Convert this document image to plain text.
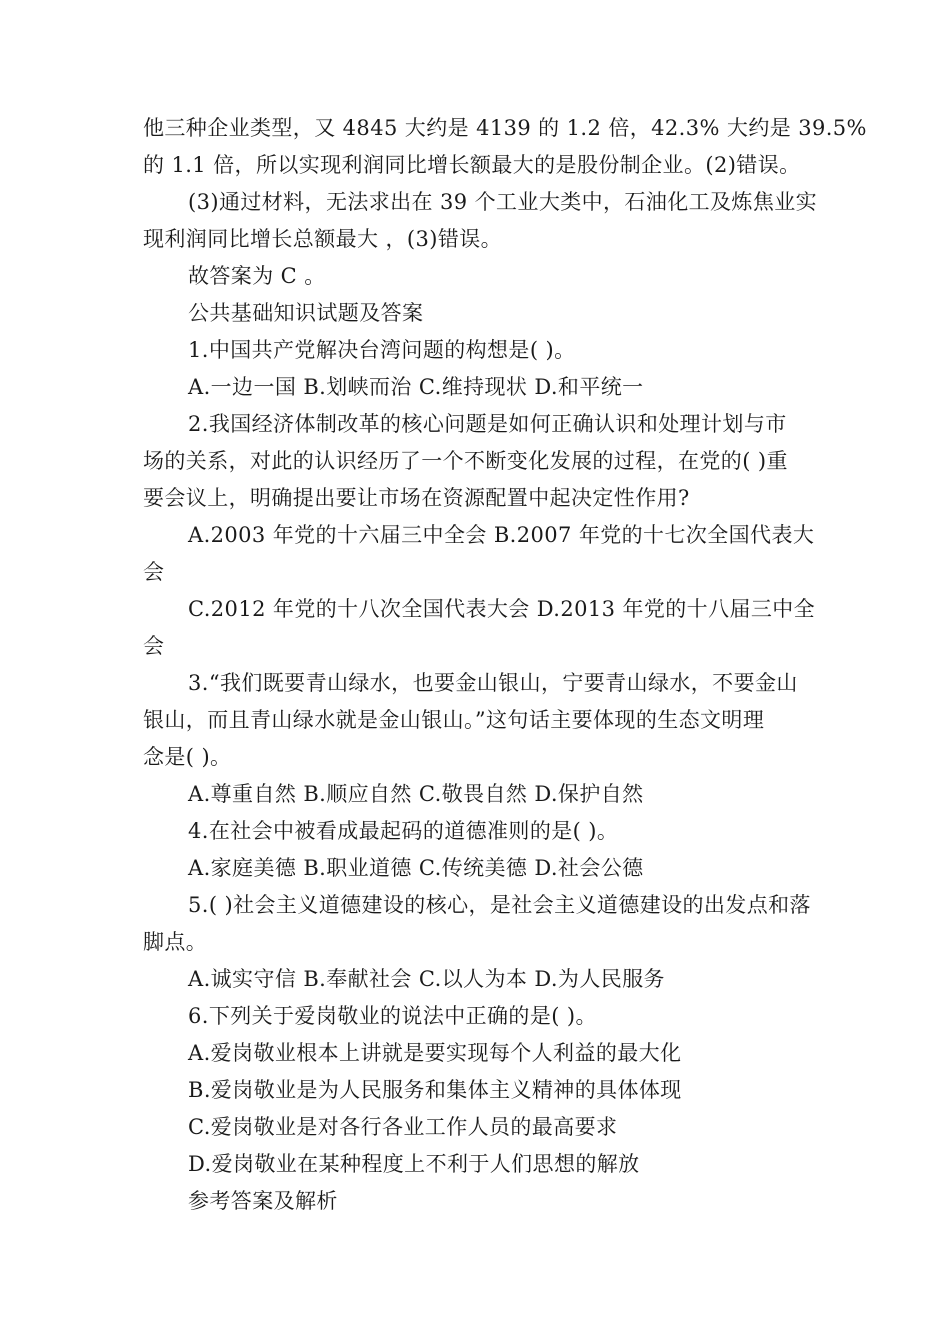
他三种企业类型，又 4845 大约是 4139 的 1.2 倍，42.3% 大约是 39.5%
的 1.1 倍，所以实现利润同比增长额最大的是股份制企业。(2)错误。
(3)通过材料，无法求出在 39 个工业大类中，石油化工及炼焦业实
现利润同比增长总额最大 ，(3)错误。
故答案为 C 。
公共基础知识试题及答案
1.中国共产党解决台湾问题的构想是( )。
A.一边一国 B.划峡而治 C.维持现状 D.和平统一
2.我国经济体制改革的核心问题是如何正确认识和处理计划与市
场的关系，对此的认识经历了一个不断变化发展的过程，在党的( )重
要会议上，明确提出要让市场在资源配置中起决定性作用?
A.2003 年党的十六届三中全会 B.2007 年党的十七次全国代表大
会
C.2012 年党的十八次全国代表大会 D.2013 年党的十八届三中全
会
3.“我们既要青山绿水，也要金山银山，宁要青山绿水，不要金山
银山，而且青山绿水就是金山银山。”这句话主要体现的生态文明理
念是( )。
A.尊重自然 B.顺应自然 C.敬畏自然 D.保护自然
4.在社会中被看成最起码的道德准则的是( )。
A.家庭美德 B.职业道德 C.传统美德 D.社会公德
5.( )社会主义道德建设的核心，是社会主义道德建设的出发点和落
脚点。
A.诚实守信 B.奉献社会 C.以人为本 D.为人民服务
6.下列关于爱岗敬业的说法中正确的是( )。
A.爱岗敬业根本上讲就是要实现每个人利益的最大化
B.爱岗敬业是为人民服务和集体主义精神的具体体现
C.爱岗敬业是对各行各业工作人员的最高要求
D.爱岗敬业在某种程度上不利于人们思想的解放
参考答案及解析
